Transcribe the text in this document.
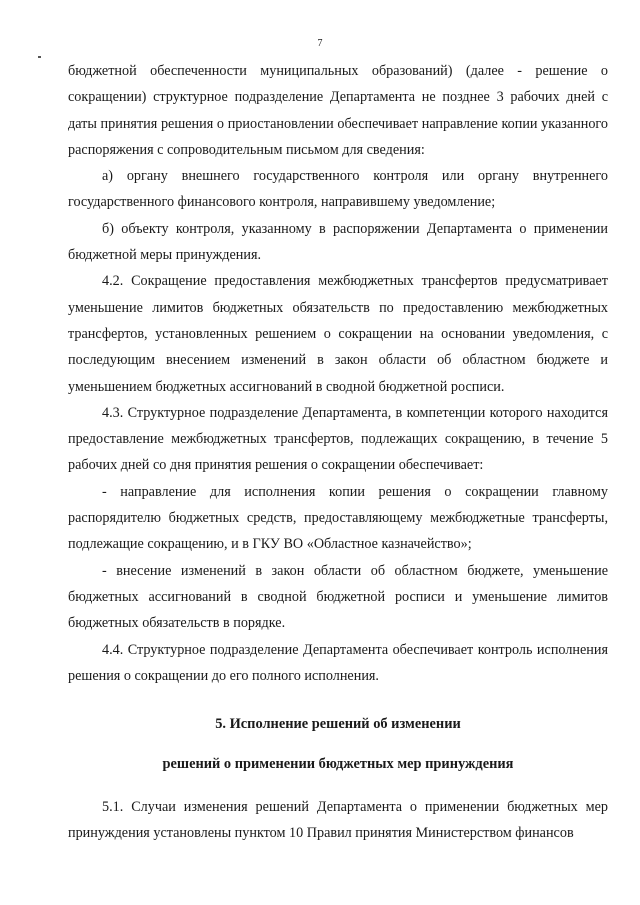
7

бюджетной обеспеченности муниципальных образований) (далее - решение о сокращении) структурное подразделение Департамента не позднее 3 рабочих дней с даты принятия решения о приостановлении обеспечивает направление копии указанного распоряжения с сопроводительным письмом для сведения:

а) органу внешнего государственного контроля или органу внутреннего государственного финансового контроля, направившему уведомление;

б) объекту контроля, указанному в распоряжении Департамента о применении бюджетной меры принуждения.

4.2. Сокращение предоставления межбюджетных трансфертов предусматривает уменьшение лимитов бюджетных обязательств по предоставлению межбюджетных трансфертов, установленных решением о сокращении на основании уведомления, с последующим внесением изменений в закон области об областном бюджете и уменьшением бюджетных ассигнований в сводной бюджетной росписи.

4.3. Структурное подразделение Департамента, в компетенции которого находится предоставление межбюджетных трансфертов, подлежащих сокращению, в течение 5 рабочих дней со дня принятия решения о сокращении обеспечивает:

- направление для исполнения копии решения о сокращении главному распорядителю бюджетных средств, предоставляющему межбюджетные трансферты, подлежащие сокращению, и в ГКУ ВО «Областное казначейство»;

- внесение изменений в закон области об областном бюджете, уменьшение бюджетных ассигнований в сводной бюджетной росписи и уменьшение лимитов бюджетных обязательств в порядке.

4.4. Структурное подразделение Департамента обеспечивает контроль исполнения решения о сокращении до его полного исполнения.

5. Исполнение решений об изменении

решений о применении бюджетных мер принуждения

5.1. Случаи изменения решений Департамента о применении бюджетных мер принуждения установлены пунктом 10 Правил принятия Министерством финансов
